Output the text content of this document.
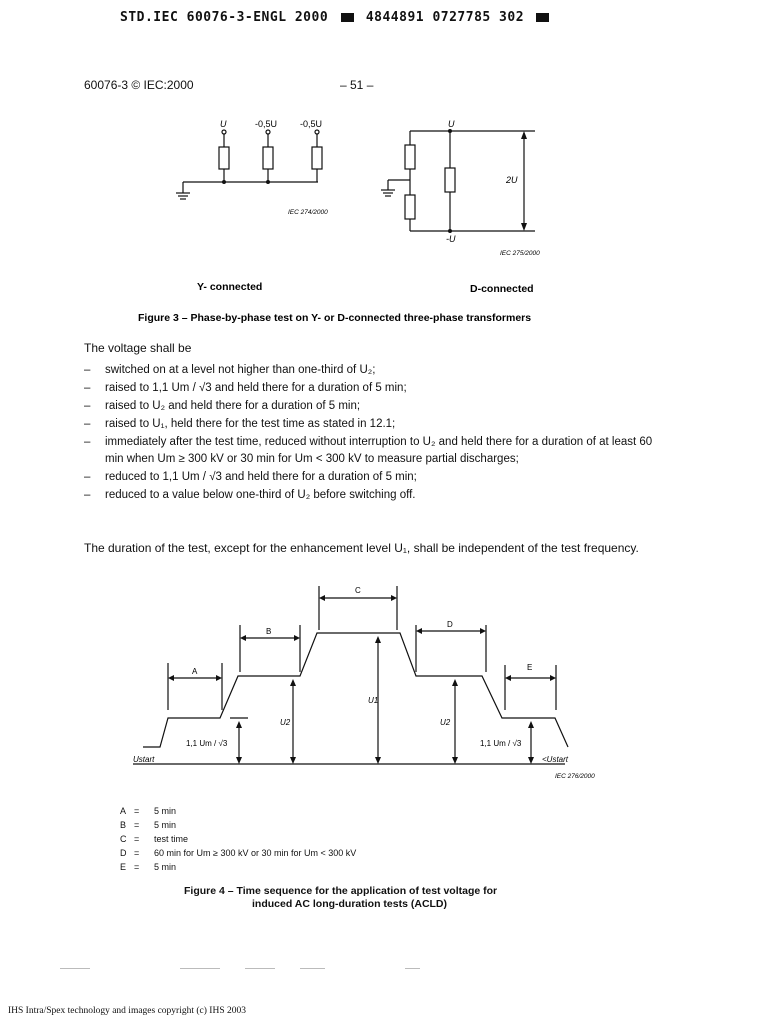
STD.IEC 60076-3-ENGL 2000	4844891 0727785 302
60076-3 © IEC:2000	– 51 –
U	-0,5U	-0,5U
IEC 274/2000
U
-U
2U
IEC 275/2000
Y- connected	D-connected
Figure 3 – Phase-by-phase test on Y- or D-connected three-phase transformers
The voltage shall be
– switched on at a level not higher than one-third of U₂;
– raised to 1,1 Um / √3 and held there for a duration of 5 min;
– raised to U₂ and held there for a duration of 5 min;
– raised to U₁, held there for the test time as stated in 12.1;
– immediately after the test time, reduced without interruption to U₂ and held there for a duration of at least 60 min when Um ≥ 300 kV or 30 min for Um < 300 kV to measure partial discharges;
– reduced to 1,1 Um / √3 and held there for a duration of 5 min;
– reduced to a value below one-third of U₂ before switching off.
The duration of the test, except for the enhancement level U₁, shall be independent of the test frequency.
A
B
C
D
E
U1
U2	U2
1,1 Um / √3	1,1 Um / √3
Ustart	<Ustart
IEC 276/2000
A =	5 min
B =	5 min
C =	test time
D =	60 min for Um ≥ 300 kV or 30 min for Um < 300 kV
E =	5 min
Figure 4 – Time sequence for the application of test voltage for
induced AC long-duration tests (ACLD)
IHS Intra/Spex technology and images copyright (c) IHS 2003
